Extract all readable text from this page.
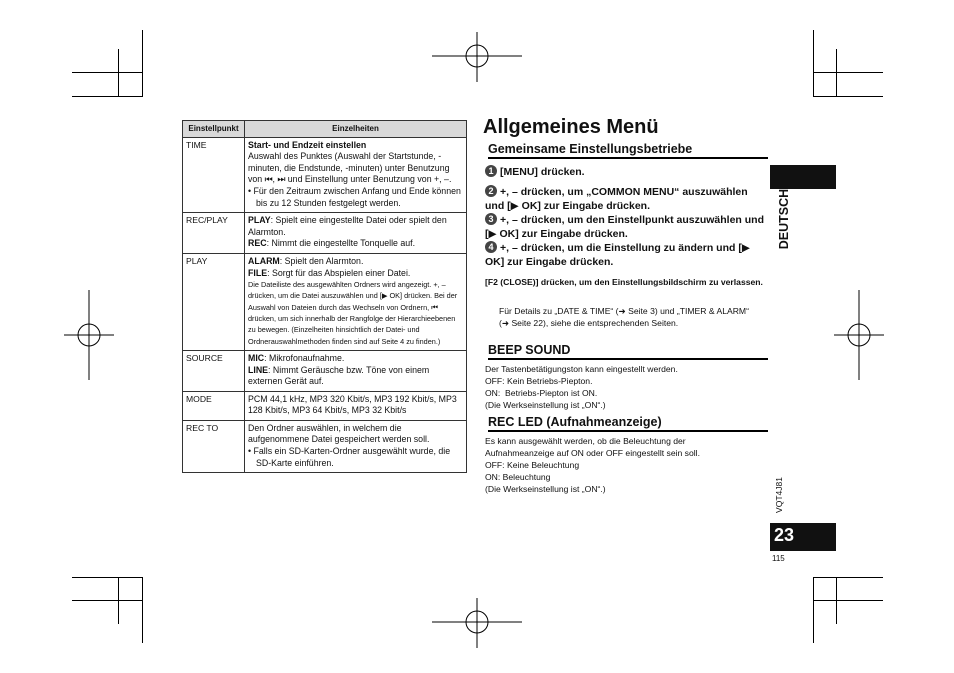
Einstellpunkt	Einzelheiten
TIME	Start- und Endzeit einstellen
Auswahl des Punktes (Auswahl der Startstunde, -minuten, die Endstunde, -minuten) unter Benutzung von ⏮, ⏭ und Einstellung unter Benutzung von +, –.
• Für den Zeitraum zwischen Anfang und Ende können bis zu 12 Stunden festgelegt werden.

REC/PLAY	PLAY: Spielt eine eingestellte Datei oder spielt den Alarmton.
REC: Nimmt die eingestellte Tonquelle auf.

PLAY	ALARM: Spielt den Alarmton.
FILE: Sorgt für das Abspielen einer Datei.
Die Dateiliste des ausgewählten Ordners wird angezeigt. +, – drücken, um die Datei auszuwählen und [▶ OK] drücken. Bei der Auswahl von Dateien durch das Wechseln von Ordnern, ⏮ drücken, um sich innerhalb der Rangfolge der Hierarchieebenen zu bewegen. (Einzelheiten hinsichtlich der Datei- und Ordnerauswahlmethoden finden sind auf Seite 4 zu finden.)

SOURCE	MIC: Mikrofonaufnahme.
LINE: Nimmt Geräusche bzw. Töne von einem externen Gerät auf.

MODE	PCM 44,1 kHz, MP3 320 Kbit/s, MP3 192 Kbit/s, MP3 128 Kbit/s, MP3 64 Kbit/s, MP3 32 Kbit/s

REC TO	Den Ordner auswählen, in welchem die aufgenommene Datei gespeichert werden soll.
• Falls ein SD-Karten-Ordner ausgewählt wurde, die SD-Karte einführen.
Allgemeines Menü
Gemeinsame Einstellungsbetriebe
1 [MENU] drücken.
2 +, – drücken, um „COMMON MENU“ auszuwählen und [▶ OK] zur Eingabe drücken.
3 +, – drücken, um den Einstellpunkt auszuwählen und [▶ OK] zur Eingabe drücken.
4 +, – drücken, um die Einstellung zu ändern und [▶ OK] zur Eingabe drücken.
[F2 (CLOSE)] drücken, um den Einstellungsbildschirm zu verlassen.
Für Details zu „DATE & TIME“ (➜ Seite 3) und „TIMER & ALARM“ (➜ Seite 22), siehe die entsprechenden Seiten.
BEEP SOUND
Der Tastenbetätigungston kann eingestellt werden.
OFF: Kein Betriebs-Piepton.
ON:  Betriebs-Piepton ist ON.
(Die Werkseinstellung ist „ON“.)
REC LED (Aufnahmeanzeige)
Es kann ausgewählt werden, ob die Beleuchtung der
Aufnahmeanzeige auf ON oder OFF eingestellt sein soll.
OFF: Keine Beleuchtung
ON: Beleuchtung
(Die Werkseinstellung ist „ON“.)
DEUTSCH
VQT4J81
23
115
